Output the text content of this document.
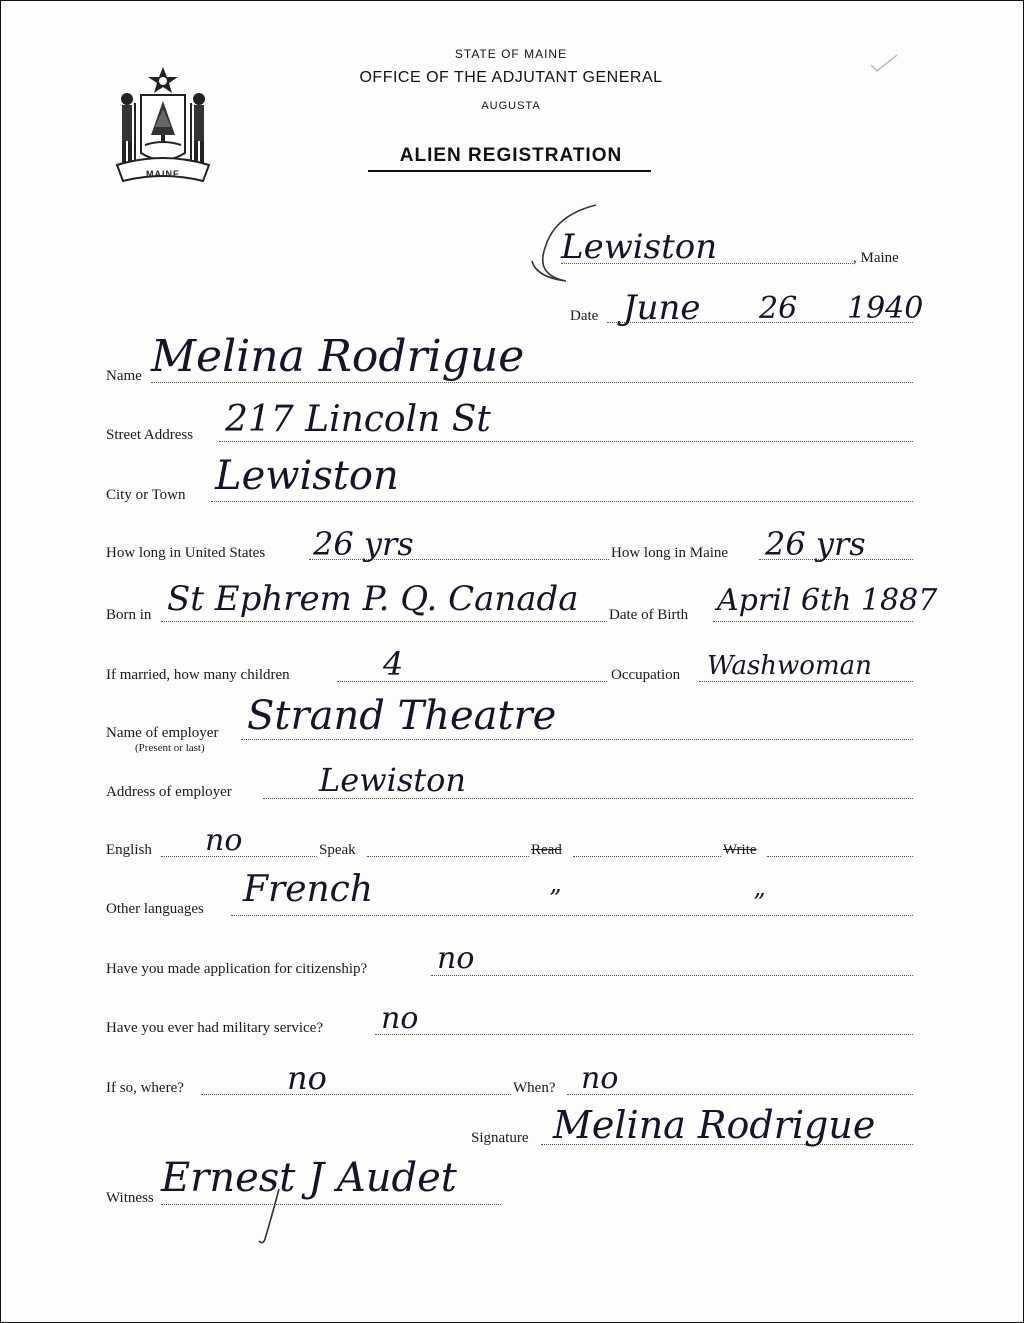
MAINE
STATE OF MAINE
OFFICE OF THE ADJUTANT GENERAL
AUGUSTA
ALIEN REGISTRATION
Lewiston	, Maine
Date June 26 1940
Name Melina Rodrigue
Street Address 217 Lincoln St
City or Town Lewiston
How long in United States 26 yrs	How long in Maine 26 yrs
Born in St Ephrem P. Q. Canada Date of Birth April 6th 1887
If married, how many children	4	Occupation Washwoman
Name of employer
(Present or last)
Strand Theatre
Address of employer	Lewiston
English no	Speak	Read	Write
Other languages French	”	”
Have you made application for citizenship? no
Have you ever had military service? no
If so, where?	no	When? no
Signature Melina Rodrigue
Witness Ernest J Audet
